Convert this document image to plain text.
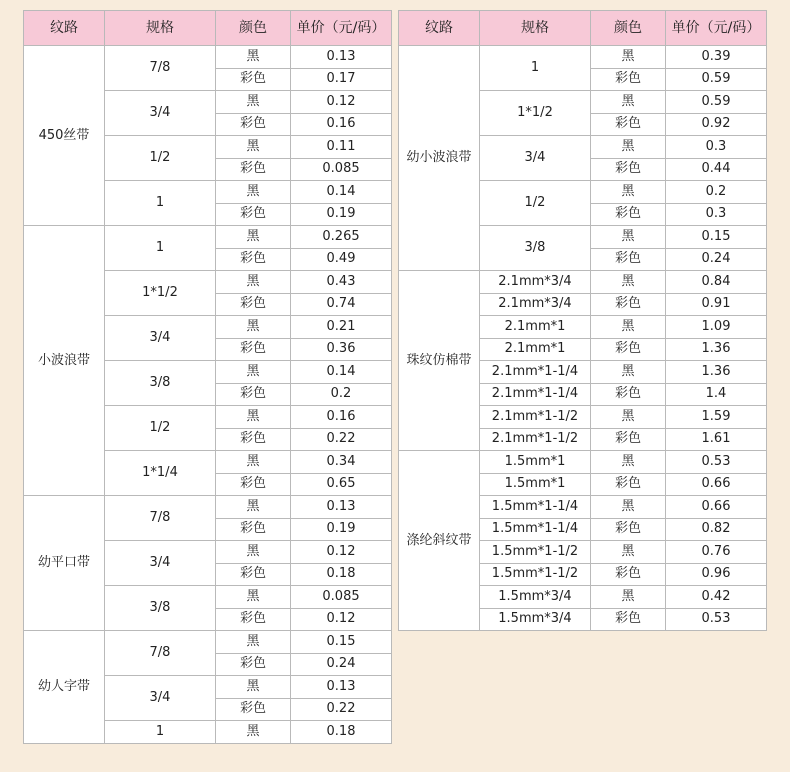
纹路	规格	颜色	单价（元/码）
450丝带	7/8	黑	0.13
		彩色	0.17
	3/4	黑	0.12
		彩色	0.16
	1/2	黑	0.11
		彩色	0.085
	1	黑	0.14
		彩色	0.19
小波浪带	1	黑	0.265
		彩色	0.49
	1*1/2	黑	0.43
		彩色	0.74
	3/4	黑	0.21
		彩色	0.36
	3/8	黑	0.14
		彩色	0.2
	1/2	黑	0.16
		彩色	0.22
	1*1/4	黑	0.34
		彩色	0.65
幼平口带	7/8	黑	0.13
		彩色	0.19
	3/4	黑	0.12
		彩色	0.18
	3/8	黑	0.085
		彩色	0.12
幼人字带	7/8	黑	0.15
		彩色	0.24
	3/4	黑	0.13
		彩色	0.22
	1	黑	0.18
纹路	规格	颜色	单价（元/码）
幼小波浪带	1	黑	0.39
		彩色	0.59
	1*1/2	黑	0.59
		彩色	0.92
	3/4	黑	0.3
		彩色	0.44
	1/2	黑	0.2
		彩色	0.3
	3/8	黑	0.15
		彩色	0.24
珠纹仿棉带	2.1mm*3/4	黑	0.84
	2.1mm*3/4	彩色	0.91
	2.1mm*1	黑	1.09
	2.1mm*1	彩色	1.36
	2.1mm*1-1/4	黑	1.36
	2.1mm*1-1/4	彩色	1.4
	2.1mm*1-1/2	黑	1.59
	2.1mm*1-1/2	彩色	1.61
涤纶斜纹带	1.5mm*1	黑	0.53
	1.5mm*1	彩色	0.66
	1.5mm*1-1/4	黑	0.66
	1.5mm*1-1/4	彩色	0.82
	1.5mm*1-1/2	黑	0.76
	1.5mm*1-1/2	彩色	0.96
	1.5mm*3/4	黑	0.42
	1.5mm*3/4	彩色	0.53
